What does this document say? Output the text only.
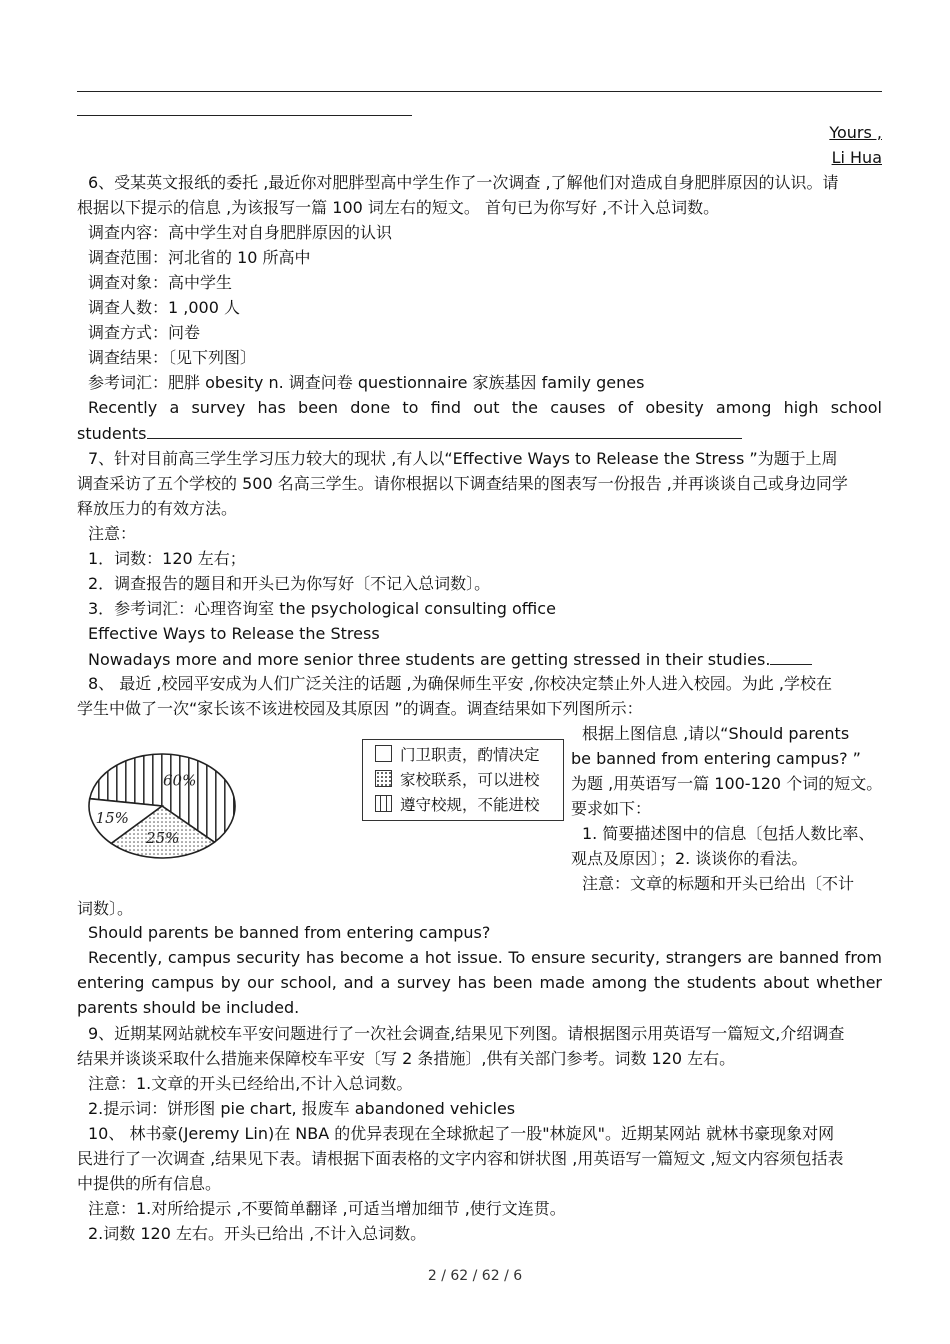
Yours ,
Li Hua
6、受某英文报纸的委托 ,最近你对肥胖型高中学生作了一次调查 ,了解他们对造成自身肥胖原因的认识。请
根据以下提示的信息 ,为该报写一篇 100 词左右的短文。 首句已为你写好 ,不计入总词数。
调查内容：高中学生对自身肥胖原因的认识
调查范围：河北省的 10 所高中
调查对象：高中学生
调查人数：1 ,000 人
调查方式：问卷
调查结果：〔见下列图〕
参考词汇：肥胖 obesity n. 调查问卷 questionnaire 家族基因 family genes
Recently a survey has been done to find out the causes of obesity among high school
students
7、针对目前高三学生学习压力较大的现状 ,有人以“Effective Ways to Release the Stress ”为题于上周
调查采访了五个学校的 500 名高三学生。请你根据以下调查结果的图表写一份报告 ,并再谈谈自己或身边同学
释放压力的有效方法。
注意：
1．词数：120 左右；
2．调查报告的题目和开头已为你写好〔不记入总词数〕。
3．参考词汇：心理咨询室 the psychological consulting office
Effective Ways to Release the Stress
Nowadays more and more senior three students are getting stressed in their studies.
8、 最近 ,校园平安成为人们广泛关注的话题 ,为确保师生平安 ,你校决定禁止外人进入校园。为此 ,学校在
学生中做了一次“家长该不该进校园及其原因 ”的调查。调查结果如下列图所示：
60%
25%
15%
门卫职责，酌情决定
家校联系，可以进校
遵守校规，不能进校
根据上图信息 ,请以“Should parents
be banned from entering campus? ”
为题 ,用英语写一篇 100-120 个词的短文。
要求如下：
1. 简要描述图中的信息〔包括人数比率、
观点及原因〕；2. 谈谈你的看法。
注意：文章的标题和开头已给出〔不计
词数〕。
Should parents be banned from entering campus?
Recently, campus security has become a hot issue. To ensure security, strangers are banned from entering campus by our school, and a survey has been made among the students about whether parents should be included.
9、近期某网站就校车平安问题进行了一次社会调查,结果见下列图。请根据图示用英语写一篇短文,介绍调查
结果并谈谈采取什么措施来保障校车平安〔写 2 条措施〕,供有关部门参考。词数 120 左右。
注意：1.文章的开头已经给出,不计入总词数。
2.提示词：饼形图 pie chart, 报废车 abandoned vehicles
10、 林书豪(Jeremy Lin)在 NBA 的优异表现在全球掀起了一股"林旋风"。近期某网站 就林书豪现象对网
民进行了一次调查 ,结果见下表。请根据下面表格的文字内容和饼状图 ,用英语写一篇短文 ,短文内容须包括表
中提供的所有信息。
注意：1.对所给提示 ,不要简单翻译 ,可适当增加细节 ,使行文连贯。
2.词数 120 左右。开头已给出 ,不计入总词数。
2 / 62 / 62 / 6
